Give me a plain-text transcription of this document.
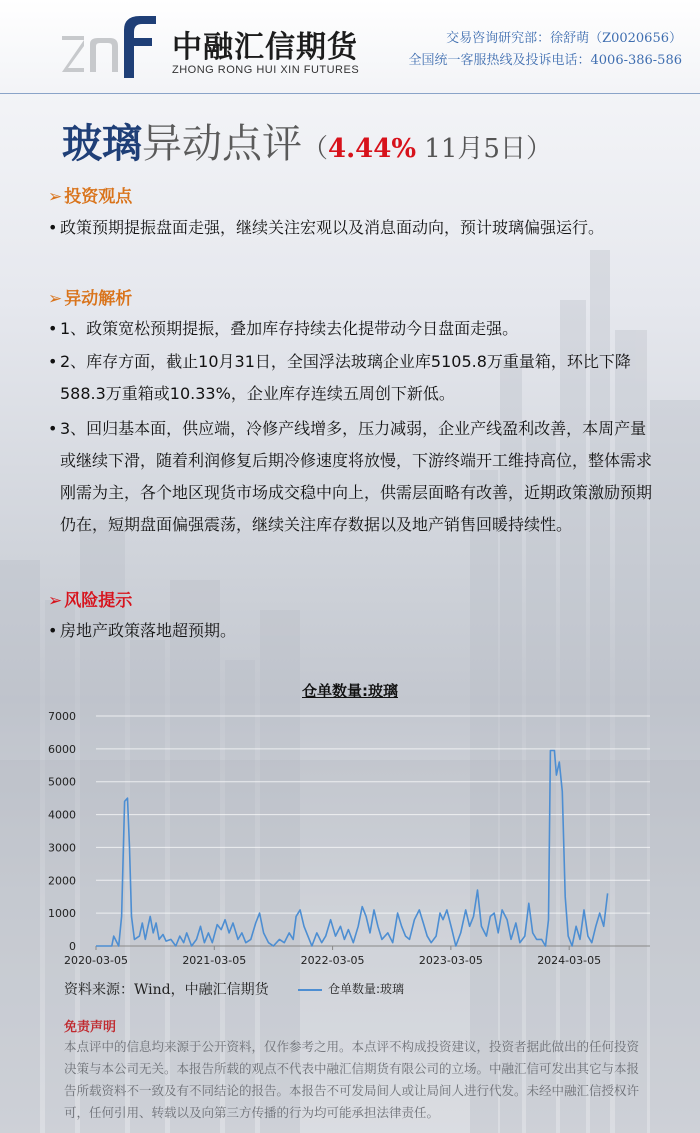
中融汇信期货
ZHONG RONG HUI XIN FUTURES
交易咨询研究部：徐舒萌（Z0020656）
全国统一客服热线及投诉电话：4006-386-586
玻璃异动点评（4.44% 11月5日）
➢ 投资观点
• 政策预期提振盘面走强，继续关注宏观以及消息面动向，预计玻璃偏强运行。
➢ 异动解析
• 1、政策宽松预期提振，叠加库存持续去化提带动今日盘面走强。
• 2、库存方面，截止10月31日，全国浮法玻璃企业库5105.8万重量箱，环比下降588.3万重箱或10.33%，企业库存连续五周创下新低。
• 3、回归基本面，供应端，冷修产线增多，压力减弱，企业产线盈利改善，本周产量或继续下滑，随着利润修复后期冷修速度将放慢，下游终端开工维持高位，整体需求刚需为主，各个地区现货市场成交稳中向上，供需层面略有改善，近期政策激励预期仍在，短期盘面偏强震荡，继续关注库存数据以及地产销售回暖持续性。
➢ 风险提示
• 房地产政策落地超预期。
仓单数量:玻璃
0
1000
2000
3000
4000
5000
6000
7000
2020-03-05	2021-03-05	2022-03-05	2023-03-05	2024-03-05
资料来源：Wind，中融汇信期货	仓单数量:玻璃
免责声明
本点评中的信息均来源于公开资料，仅作参考之用。本点评不构成投资建议，投资者据此做出的任何投资决策与本公司无关。本报告所载的观点不代表中融汇信期货有限公司的立场。中融汇信可发出其它与本报告所载资料不一致及有不同结论的报告。本报告不可发局间人或让局间人进行代发。未经中融汇信授权许可，任何引用、转载以及向第三方传播的行为均可能承担法律责任。
